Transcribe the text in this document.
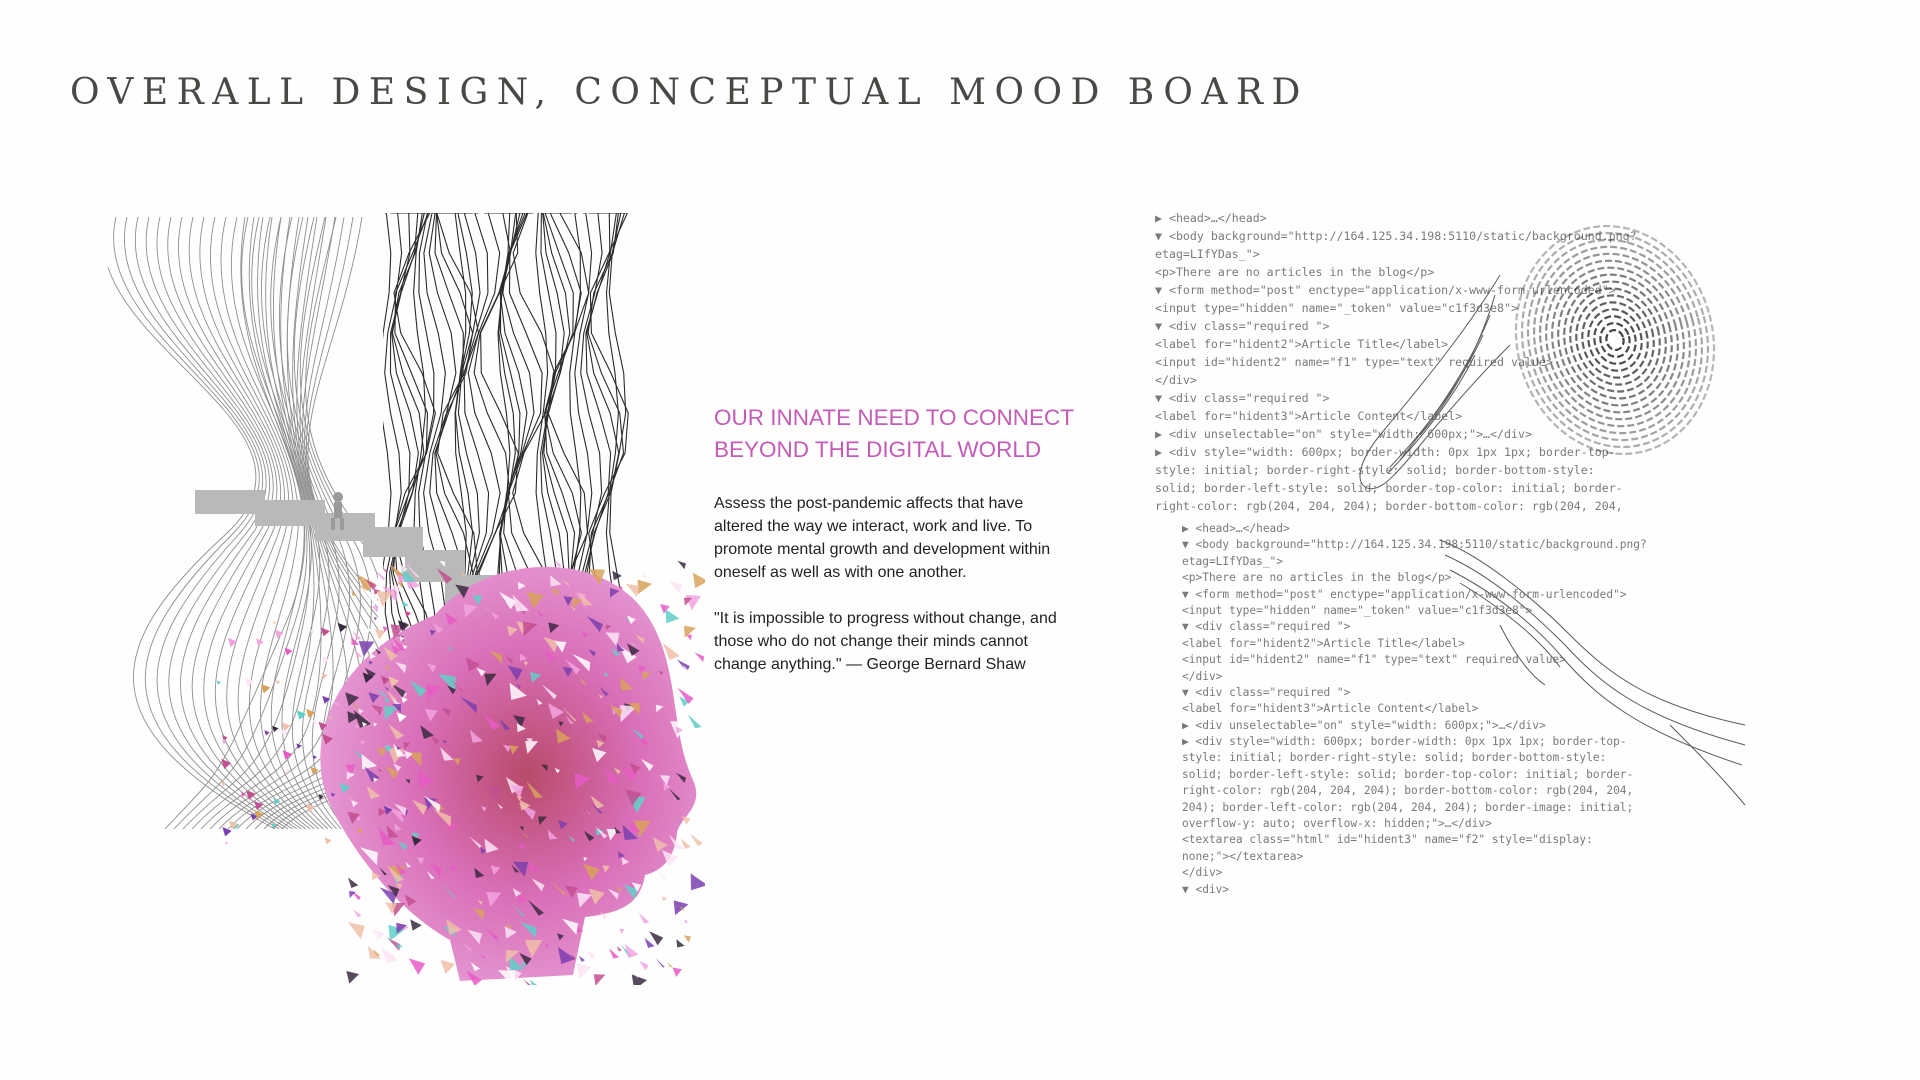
OVERALL DESIGN, CONCEPTUAL MOOD BOARD
OUR INNATE NEED TO CONNECT
BEYOND THE DIGITAL WORLD

Assess the post-pandemic affects that have
altered the way we interact, work and live. To
promote mental growth and development within
oneself as well as with one another.

"It is impossible to progress without change, and
those who do not change their minds cannot
change anything." — George Bernard Shaw

▶ <head>…</head>
▼ <body background="http://164.125.34.198:5110/static/background.png?
etag=LIfYDas_">
<p>There are no articles in the blog</p>
▼ <form method="post" enctype="application/x-www-form-urlencoded">
<input type="hidden" name="_token" value="c1f3d3e8">
▼ <div class="required ">
<label for="hident2">Article Title</label>
<input id="hident2" name="f1" type="text" required value>
</div>
▼ <div class="required ">
<label for="hident3">Article Content</label>
▶ <div unselectable="on" style="width: 600px;">…</div>
▶ <div style="width: 600px; border-width: 0px 1px 1px; border-top-
style: initial; border-right-style: solid; border-bottom-style:
solid; border-left-style: solid; border-top-color: initial; border-
right-color: rgb(204, 204, 204); border-bottom-color: rgb(204, 204,
▶ <head>…</head>
▼ <body background="http://164.125.34.198:5110/static/background.png?
etag=LIfYDas_">
<p>There are no articles in the blog</p>
▼ <form method="post" enctype="application/x-www-form-urlencoded">
<input type="hidden" name="_token" value="c1f3d3e8">
▼ <div class="required ">
<label for="hident2">Article Title</label>
<input id="hident2" name="f1" type="text" required value>
</div>
▼ <div class="required ">
<label for="hident3">Article Content</label>
▶ <div unselectable="on" style="width: 600px;">…</div>
▶ <div style="width: 600px; border-width: 0px 1px 1px; border-top-
style: initial; border-right-style: solid; border-bottom-style:
solid; border-left-style: solid; border-top-color: initial; border-
right-color: rgb(204, 204, 204); border-bottom-color: rgb(204, 204,
204); border-left-color: rgb(204, 204, 204); border-image: initial;
overflow-y: auto; overflow-x: hidden;">…</div>
<textarea class="html" id="hident3" name="f2" style="display:
none;"></textarea>
</div>
▼ <div>
